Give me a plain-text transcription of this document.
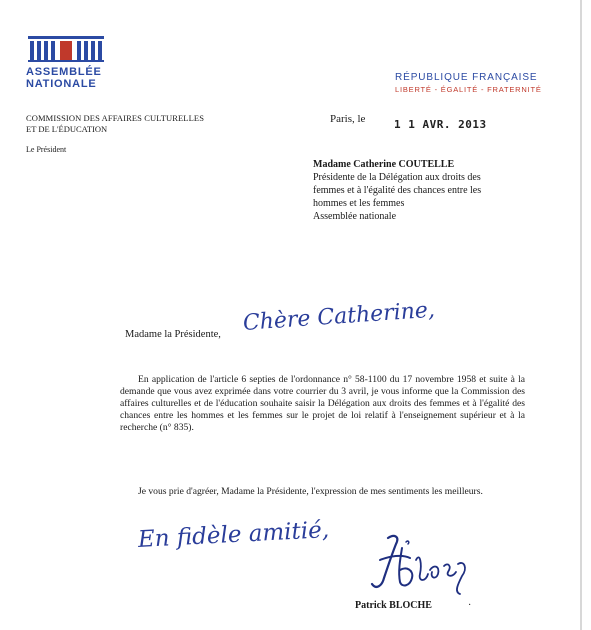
ASSEMBLÉE
NATIONALE
RÉPUBLIQUE FRANÇAISE
LIBERTÉ - ÉGALITÉ - FRATERNITÉ
COMMISSION DES AFFAIRES CULTURELLES
ET DE L'ÉDUCATION
Le Président
Paris, le	1 1 AVR. 2013
Madame Catherine COUTELLE
Présidente de la Délégation aux droits des
femmes et à l'égalité des chances entre les
hommes et les femmes
Assemblée nationale
Madame la Présidente, Chère Catherine,
En application de l'article 6 septies de l'ordonnance n° 58-1100 du 17 novembre 1958 et suite à la demande que vous avez exprimée dans votre courrier du 3 avril, je vous informe que la Commission des affaires culturelles et de l'éducation souhaite saisir la Délégation aux droits des femmes et à l'égalité des chances entre les hommes et les femmes sur le projet de loi relatif à l'enseignement supérieur et à la recherche (n° 835).
Je vous prie d'agréer, Madame la Présidente, l'expression de mes sentiments les meilleurs.
En fidèle amitié,
Patrick BLOCHE	·
